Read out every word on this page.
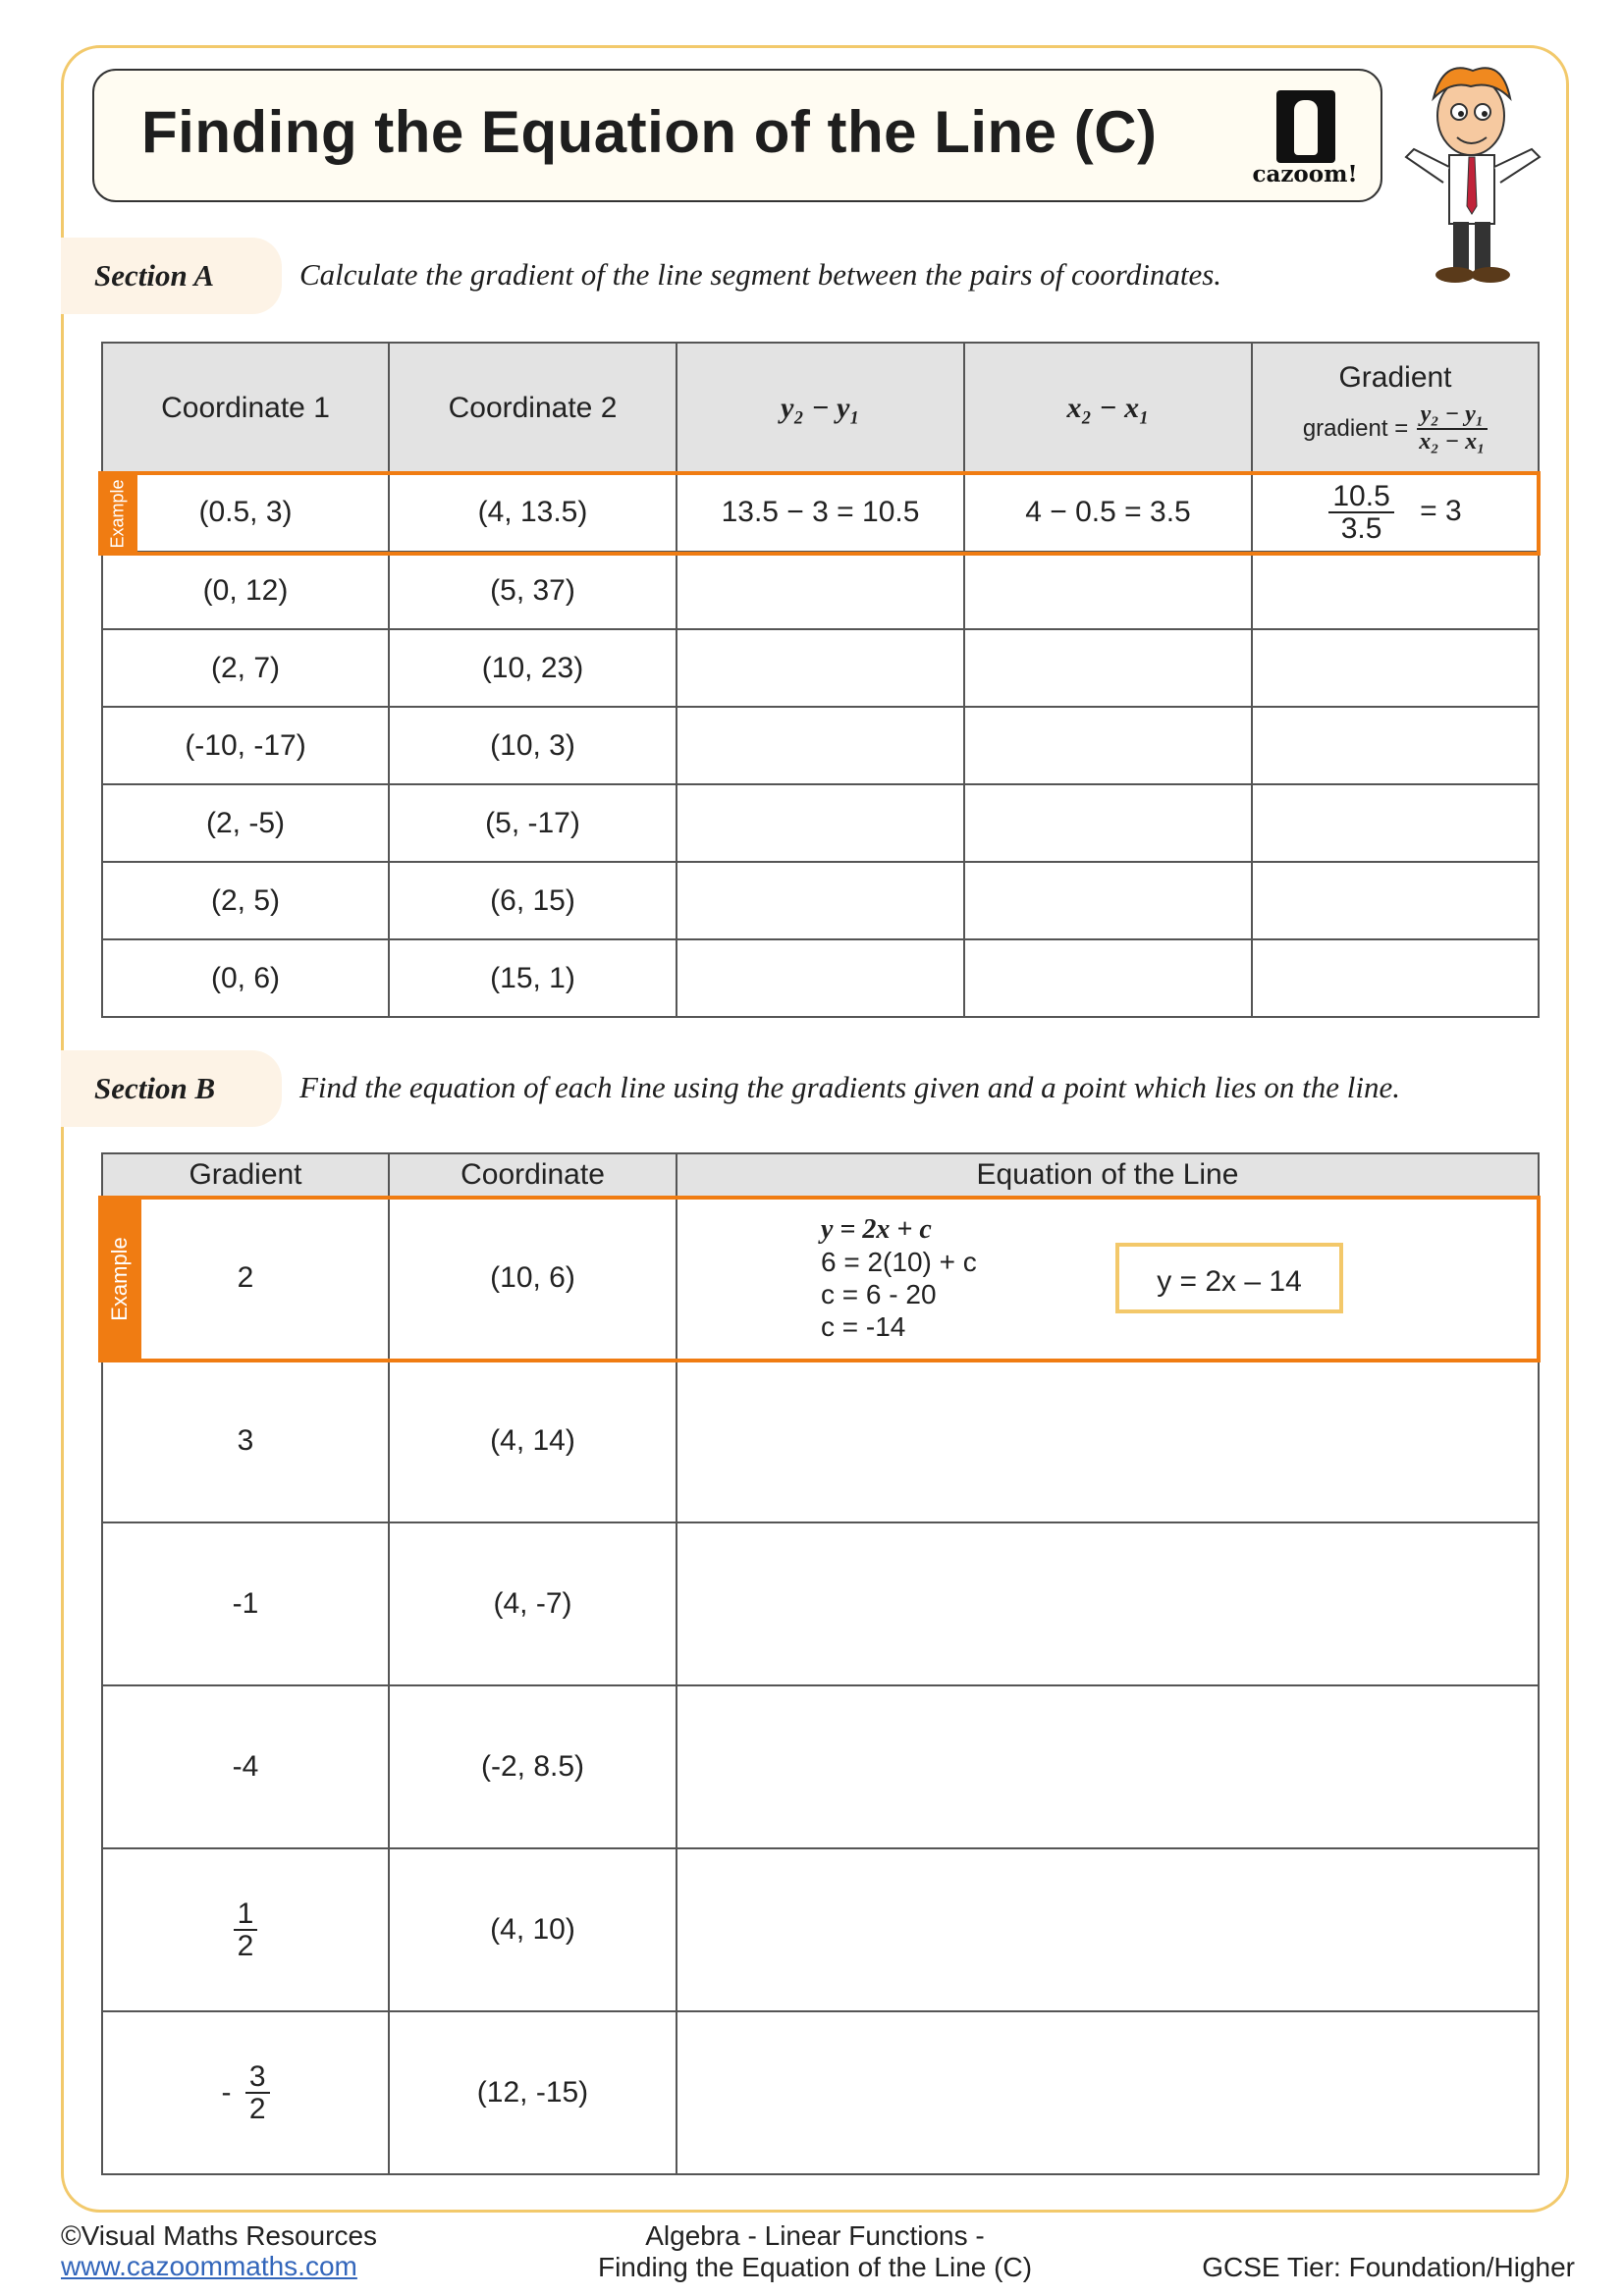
Finding the Equation of the Line (C)
cazoom!
Section A	Calculate the gradient of the line segment between the pairs of coordinates.
Coordinate 1	Coordinate 2	y₂ − y₁	x₂ − x₁	Gradient
gradient = $\frac{\text{y₂ − y₁}}{\text{x₂ − x₁}}$

(0.5, 3)	(4, 13.5)	13.5 − 3 = 10.5	4 − 0.5 = 3.5	$\frac{10.5}{3.5} = 3$
(0, 12)	(5, 37)			
(2, 7)	(10, 23)			
(-10, -17)	(10, 3)			
(2, -5)	(5, -17)			
(2, 5)	(6, 15)			
(0, 6)	(15, 1)			
Example
Section B	Find the equation of each line using the gradients given and a point which lies on the line.
Gradient	Coordinate	Equation of the Line
2	(10, 6)	y = 2x + c
6 = 2(10) + c
c = 6 - 20
c = -14
y = 2x – 14

3	(4, 14)	
-1	(4, -7)	
-4	(-2, 8.5)	

$\frac{1}{2}$	(4, 10)	
- $\frac{3}{2}$	(12, -15)	
Example
©Visual Maths Resources
www.cazoommaths.com
Algebra - Linear Functions -
Finding the Equation of the Line (C)	GCSE Tier: Foundation/Higher
